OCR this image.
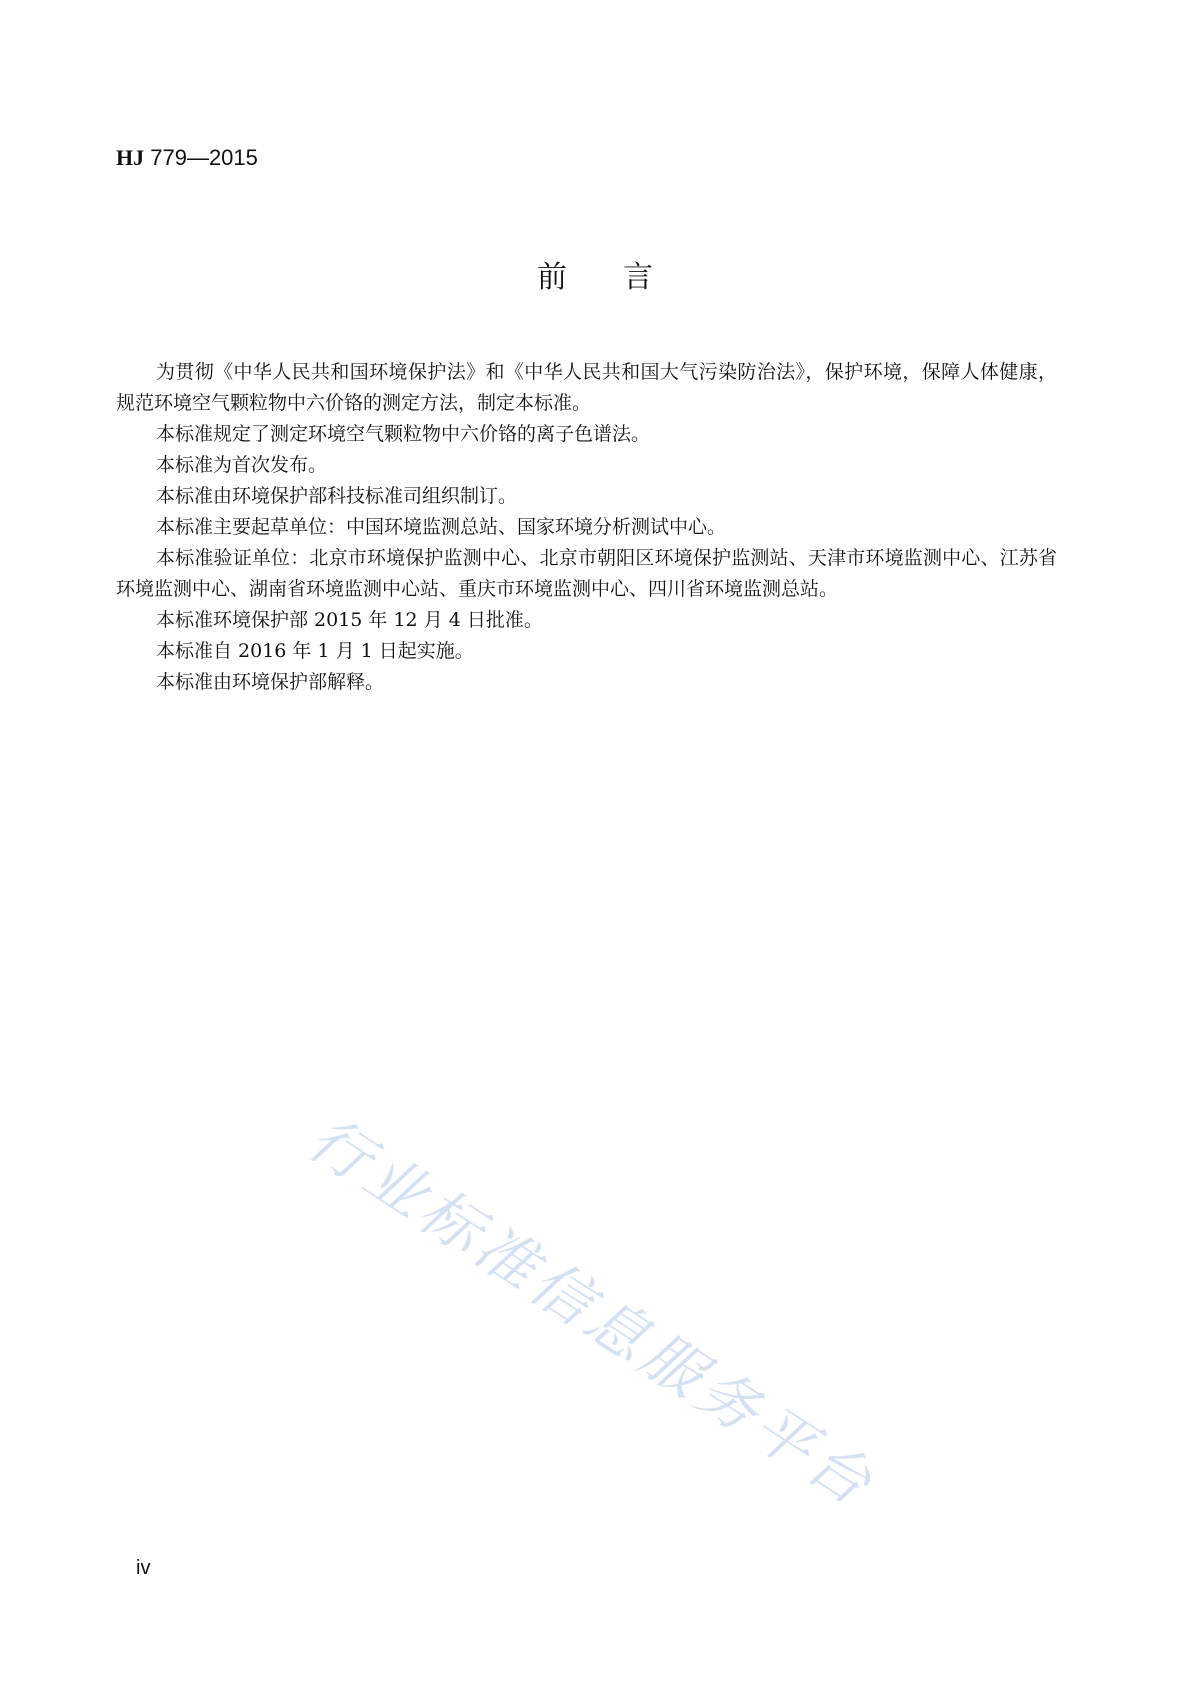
HJ 779—2015
前言

为贯彻《中华人民共和国环境保护法》和《中华人民共和国大气污染防治法》，保护环境，保障人体健康，规范环境空气颗粒物中六价铬的测定方法，制定本标准。

本标准规定了测定环境空气颗粒物中六价铬的离子色谱法。

本标准为首次发布。

本标准由环境保护部科技标准司组织制订。

本标准主要起草单位：中国环境监测总站、国家环境分析测试中心。

本标准验证单位：北京市环境保护监测中心、北京市朝阳区环境保护监测站、天津市环境监测中心、江苏省环境监测中心、湖南省环境监测中心站、重庆市环境监测中心、四川省环境监测总站。

本标准环境保护部 2015 年 12 月 4 日批准。

本标准自 2016 年 1 月 1 日起实施。

本标准由环境保护部解释。

行业标准信息服务平台
iv
